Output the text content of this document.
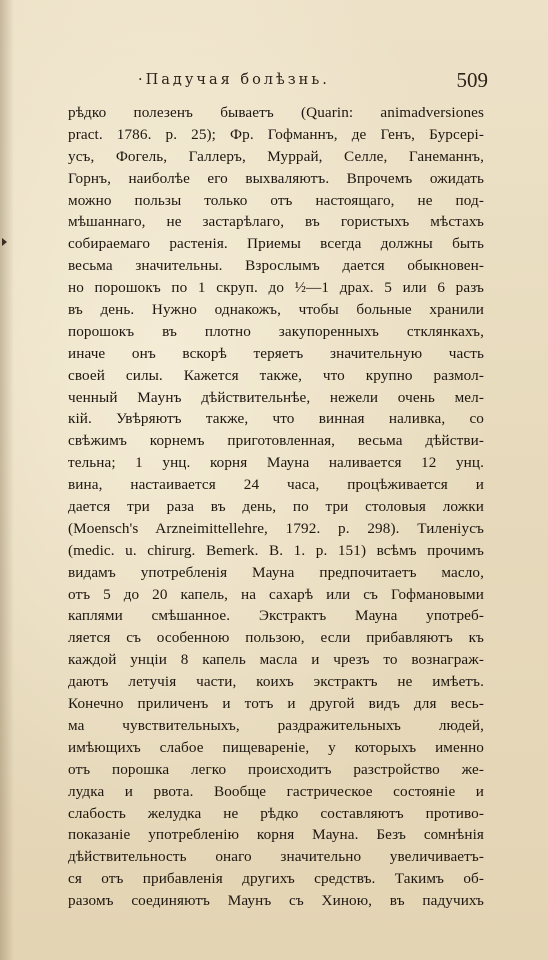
·Падучая болѣзнь.	509
рѣдко полезенъ бываетъ (Quarin: animadversiones
pract. 1786. p. 25); Фр. Гофманнъ, де Генъ, Бурсері-
усъ, Фогель, Галлеръ, Муррай, Селле, Ганеманнъ,
Горнъ, наиболѣе его выхваляютъ. Впрочемъ ожидать
можно пользы только отъ настоящаго, не под-
мѣшаннаго, не застарѣлаго, въ гористыхъ мѣстахъ
собираемаго растенія. Приемы всегда должны быть
весьма значительны. Взрослымъ дается обыкновен-
но порошокъ по 1 скруп. до ½—1 драх. 5 или 6 разъ
въ день. Нужно однакожъ, чтобы больные хранили
порошокъ въ плотно закупоренныхъ стклянкахъ,
иначе онъ вскорѣ теряетъ значительную часть
своей силы. Кажется также, что крупно размол-
ченный Мaунъ дѣйствительнѣе, нежели очень мел-
кій. Увѣряютъ также, что винная наливка, со
свѣжимъ корнемъ приготовленная, весьма дѣйстви-
тельна; 1 унц. корня Мауна наливается 12 унц.
вина, настаивается 24 часа, процѣживается и
дается три раза въ день, по три столовыя ложки
(Moensch's Arzneimittellehre, 1792. p. 298). Тиленіусъ
(medic. u. chirurg. Bemerk. B. 1. p. 151) всѣмъ прочимъ
видамъ употребленія Мауна предпочитаетъ масло,
отъ 5 до 20 капель, на сахарѣ или съ Гофмановыми
каплями смѣшанное. Экстрактъ Мауна употреб-
ляется съ особенною пользою, если прибавляютъ къ
каждой унціи 8 капель масла и чрезъ то вознаграж-
даютъ летучія части, коихъ экстрактъ не имѣетъ.
Конечно приличенъ и тотъ и другой видъ для весь-
ма чувствительныхъ, раздражительныхъ людей,
имѣющихъ слабое пищевареніе, у которыхъ именно
отъ порошка легко происходитъ разстройство же-
лудка и рвота. Вообще гастрическое состояніе и
слабость желудка не рѣдко составляютъ противо-
показаніе употребленію корня Мауна. Безъ сомнѣнія
дѣйствительность онаго значительно увеличиваетъ-
ся отъ прибавленія другихъ средствъ. Такимъ об-
разомъ соединяютъ Маунъ съ Хиною, въ падучихъ
